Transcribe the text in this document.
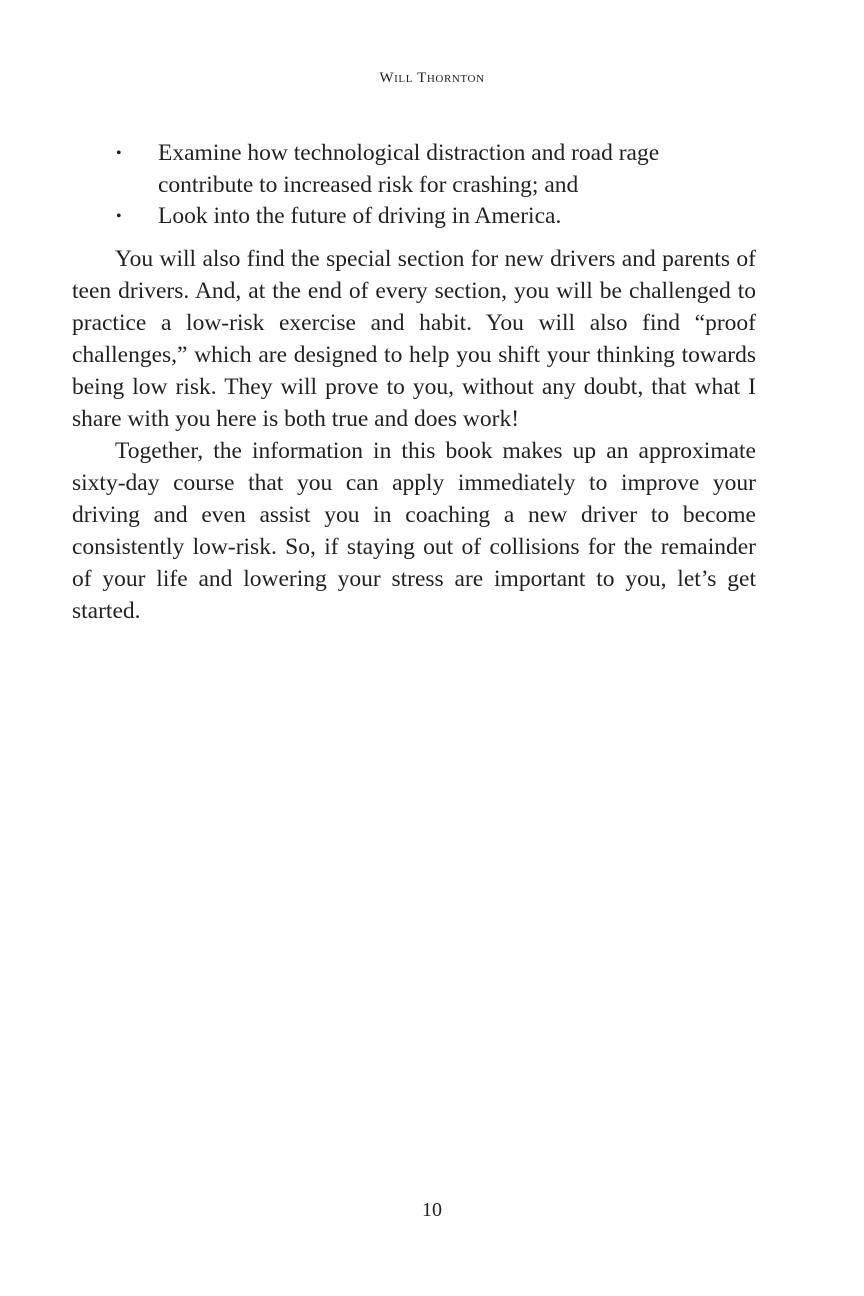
Will Thornton
• Examine how technological distraction and road rage contribute to increased risk for crashing; and
• Look into the future of driving in America.

You will also find the special section for new drivers and parents of teen drivers. And, at the end of every section, you will be challenged to practice a low-risk exercise and habit. You will also find “proof challenges,” which are designed to help you shift your thinking towards being low risk. They will prove to you, without any doubt, that what I share with you here is both true and does work!

Together, the information in this book makes up an approximate sixty-day course that you can apply immediately to improve your driving and even assist you in coaching a new driver to become consistently low-risk. So, if staying out of collisions for the remainder of your life and lowering your stress are important to you, let’s get started.

10
